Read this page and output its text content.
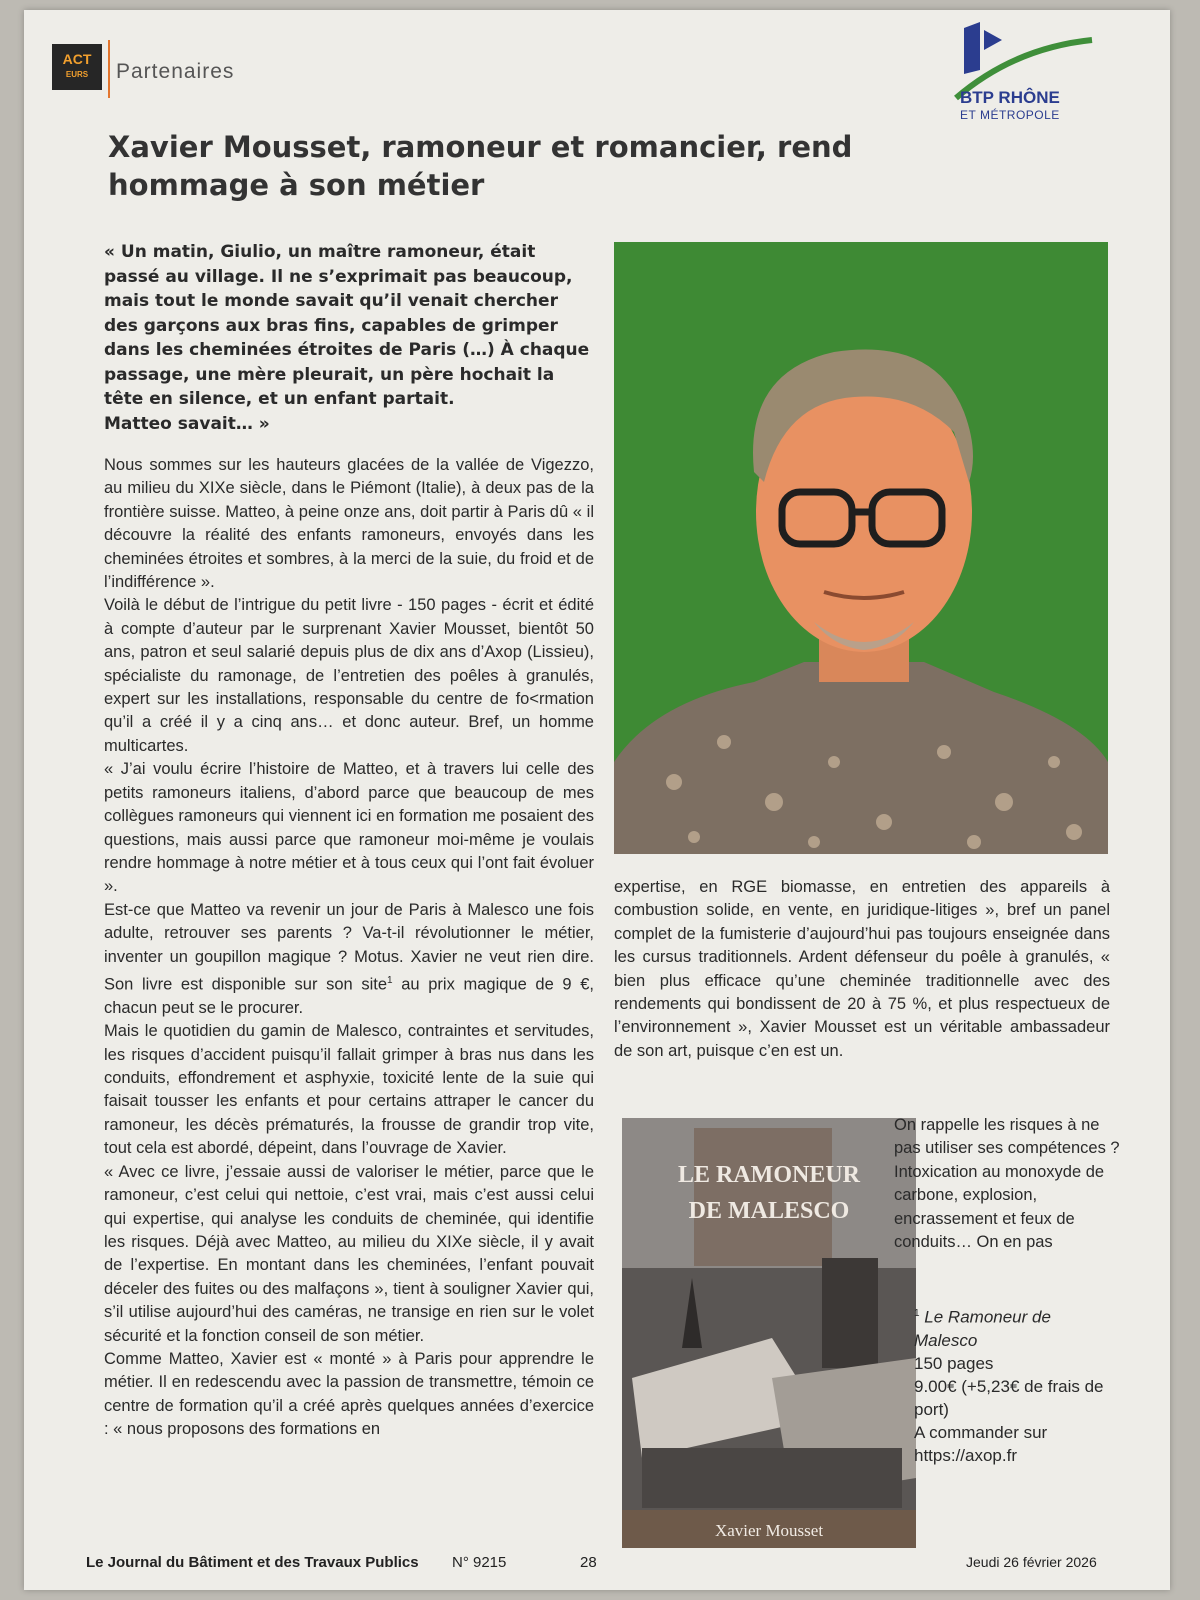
ACT
EURS	Partenaires
BTP RHÔNE
ET MÉTROPOLE
Xavier Mousset, ramoneur et romancier, rend hommage à son métier
« Un matin, Giulio, un maître ramoneur, était passé au village. Il ne s’exprimait pas beaucoup, mais tout le monde savait qu’il venait chercher des garçons aux bras fins, capables de grimper dans les cheminées étroites de Paris (…) À chaque passage, une mère pleurait, un père hochait la tête en silence, et un enfant partait.
Matteo savait… »

Nous sommes sur les hauteurs glacées de la vallée de Vigezzo, au milieu du XIXe siècle, dans le Piémont (Italie), à deux pas de la frontière suisse. Matteo, à peine onze ans, doit partir à Paris dû « il découvre la réalité des enfants ramoneurs, envoyés dans les cheminées étroites et sombres, à la merci de la suie, du froid et de l’indifférence ».

Voilà le début de l’intrigue du petit livre - 150 pages - écrit et édité à compte d’auteur par le surprenant Xavier Mousset, bientôt 50 ans, patron et seul salarié depuis plus de dix ans d’Axop (Lissieu), spécialiste du ramonage, de l’entretien des poêles à granulés, expert sur les installations, responsable du centre de fo<rmation qu’il a créé il y a cinq ans… et donc auteur. Bref, un homme multicartes.

« J’ai voulu écrire l’histoire de Matteo, et à travers lui celle des petits ramoneurs italiens, d’abord parce que beaucoup de mes collègues ramoneurs qui viennent ici en formation me posaient des questions, mais aussi parce que ramoneur moi-même je voulais rendre hommage à notre métier et à tous ceux qui l’ont fait évoluer ».

Est-ce que Matteo va revenir un jour de Paris à Malesco une fois adulte, retrouver ses parents ? Va-t-il révolutionner le métier, inventer un goupillon magique ? Motus. Xavier ne veut rien dire. Son livre est disponible sur son site$^1$ au prix magique de 9 €, chacun peut se le procurer.

Mais le quotidien du gamin de Malesco, contraintes et servitudes, les risques d’accident puisqu’il fallait grimper à bras nus dans les conduits, effondrement et asphyxie, toxicité lente de la suie qui faisait tousser les enfants et pour certains attraper le cancer du ramoneur, les décès prématurés, la frousse de grandir trop vite, tout cela est abordé, dépeint, dans l’ouvrage de Xavier.

« Avec ce livre, j’essaie aussi de valoriser le métier, parce que le ramoneur, c’est celui qui nettoie, c’est vrai, mais c’est aussi celui qui expertise, qui analyse les conduits de cheminée, qui identifie les risques. Déjà avec Matteo, au milieu du XIXe siècle, il y avait de l’expertise. En montant dans les cheminées, l’enfant pouvait déceler des fuites ou des malfaçons », tient à souligner Xavier qui, s’il utilise aujourd’hui des caméras, ne transige en rien sur le volet sécurité et la fonction conseil de son métier.

Comme Matteo, Xavier est « monté » à Paris pour apprendre le métier. Il en redescendu avec la passion de transmettre, témoin ce centre de formation qu’il a créé après quelques années d’exercice : « nous proposons des formations en

expertise, en RGE biomasse, en entretien des appareils à combustion solide, en vente, en juridique-litiges », bref un panel complet de la fumisterie d’aujourd’hui pas toujours enseignée dans les cursus traditionnels. Ardent défenseur du poêle à granulés, « bien plus efficace qu’une cheminée traditionnelle avec des rendements qui bondissent de 20 à 75 %, et plus respectueux de l’environnement », Xavier Mousset est un véritable ambassadeur de son art, puisque c’en est un.

LE RAMONEUR
DE MALESCO
Xavier Mousset

On rappelle les risques à ne pas utiliser ses compétences ? Intoxication au monoxyde de carbone, explosion, encrassement et feux de conduits… On en pas

$^1$ Le Ramoneur de Malesco
150 pages
9.00€ (+5,23€ de frais de port)
A commander sur
https://axop.fr
Le Journal du Bâtiment et des Travaux Publics N° 9215	28	Jeudi 26 février 2026
